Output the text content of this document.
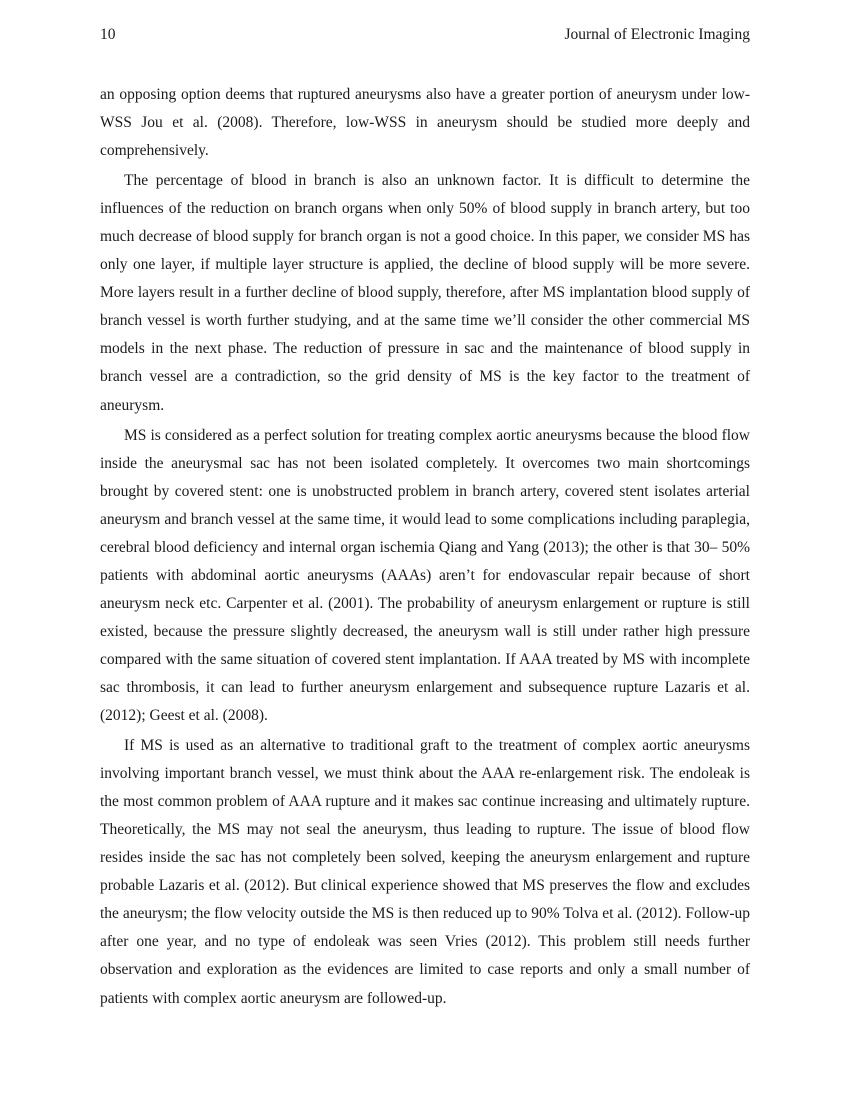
10	Journal of Electronic Imaging

an opposing option deems that ruptured aneurysms also have a greater portion of aneurysm under low-WSS Jou et al. (2008). Therefore, low-WSS in aneurysm should be studied more deeply and comprehensively.

The percentage of blood in branch is also an unknown factor. It is difficult to determine the influences of the reduction on branch organs when only 50% of blood supply in branch artery, but too much decrease of blood supply for branch organ is not a good choice. In this paper, we consider MS has only one layer, if multiple layer structure is applied, the decline of blood supply will be more severe. More layers result in a further decline of blood supply, therefore, after MS implantation blood supply of branch vessel is worth further studying, and at the same time we’ll consider the other commercial MS models in the next phase. The reduction of pressure in sac and the maintenance of blood supply in branch vessel are a contradiction, so the grid density of MS is the key factor to the treatment of aneurysm.

MS is considered as a perfect solution for treating complex aortic aneurysms because the blood flow inside the aneurysmal sac has not been isolated completely. It overcomes two main shortcomings brought by covered stent: one is unobstructed problem in branch artery, covered stent isolates arterial aneurysm and branch vessel at the same time, it would lead to some complications including paraplegia, cerebral blood deficiency and internal organ ischemia Qiang and Yang (2013); the other is that 30– 50% patients with abdominal aortic aneurysms (AAAs) aren’t for endovascular repair because of short aneurysm neck etc. Carpenter et al. (2001). The probability of aneurysm enlargement or rupture is still existed, because the pressure slightly decreased, the aneurysm wall is still under rather high pressure compared with the same situation of covered stent implantation. If AAA treated by MS with incomplete sac thrombosis, it can lead to further aneurysm enlargement and subsequence rupture Lazaris et al. (2012); Geest et al. (2008).

If MS is used as an alternative to traditional graft to the treatment of complex aortic aneurysms involving important branch vessel, we must think about the AAA re-enlargement risk. The endoleak is the most common problem of AAA rupture and it makes sac continue increasing and ultimately rupture. Theoretically, the MS may not seal the aneurysm, thus leading to rupture. The issue of blood flow resides inside the sac has not completely been solved, keeping the aneurysm enlargement and rupture probable Lazaris et al. (2012). But clinical experience showed that MS preserves the flow and excludes the aneurysm; the flow velocity outside the MS is then reduced up to 90% Tolva et al. (2012). Follow-up after one year, and no type of endoleak was seen Vries (2012). This problem still needs further observation and exploration as the evidences are limited to case reports and only a small number of patients with complex aortic aneurysm are followed-up.
